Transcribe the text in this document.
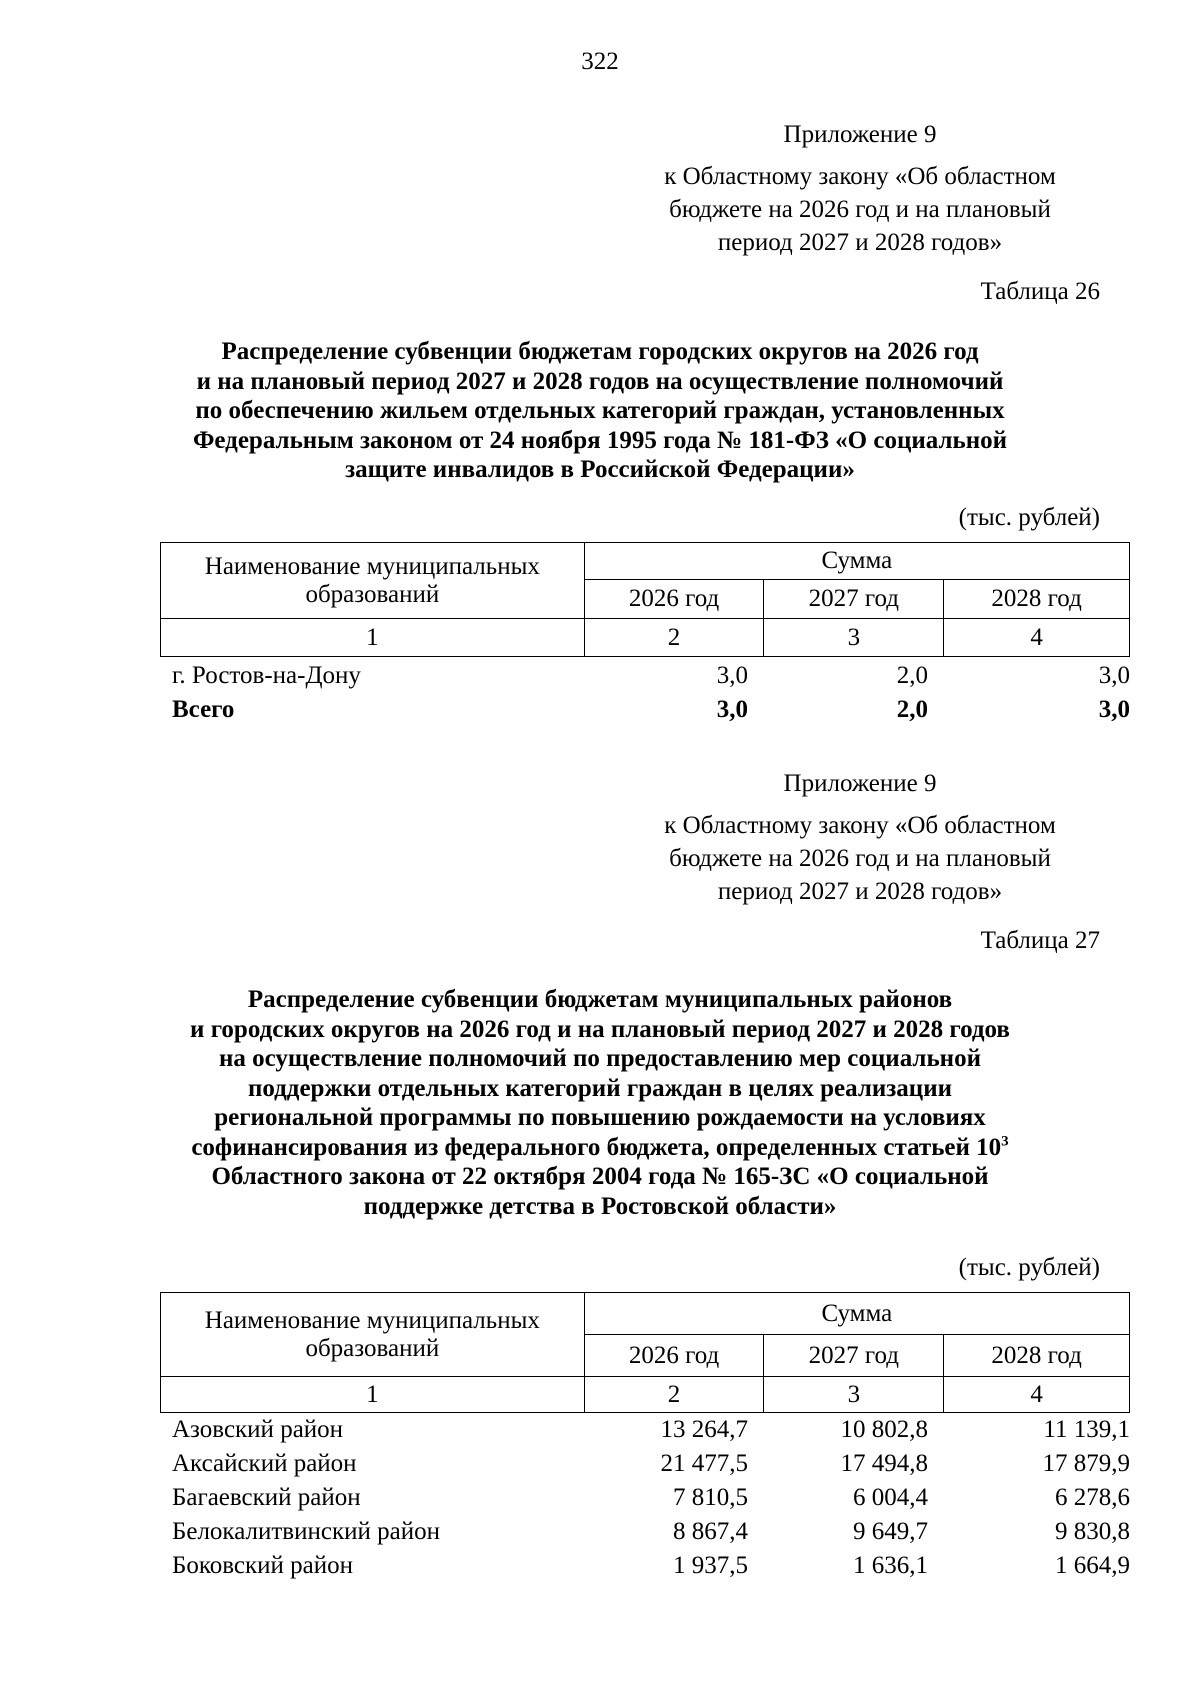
322
Приложение 9
к Областному закону «Об областном
бюджете на 2026 год и на плановый
период 2027 и 2028 годов»
Таблица 26
Распределение субвенции бюджетам городских округов на 2026 год
и на плановый период 2027 и 2028 годов на осуществление полномочий
по обеспечению жильем отдельных категорий граждан, установленных
Федеральным законом от 24 ноября 1995 года № 181-ФЗ «О социальной
защите инвалидов в Российской Федерации»
(тыс. рублей)
Наименование муниципальных образований	Сумма		
	2026 год	2027 год	2028 год
1	2	3	4
г. Ростов-на-Дону	3,0	2,0	3,0
Всего	3,0	2,0	3,0
Приложение 9
к Областному закону «Об областном
бюджете на 2026 год и на плановый
период 2027 и 2028 годов»
Таблица 27
Распределение субвенции бюджетам муниципальных районов
и городских округов на 2026 год и на плановый период 2027 и 2028 годов
на осуществление полномочий по предоставлению мер социальной
поддержки отдельных категорий граждан в целях реализации
региональной программы по повышению рождаемости на условиях
софинансирования из федерального бюджета, определенных статьей $10^3$
Областного закона от 22 октября 2004 года № 165-ЗС «О социальной
поддержке детства в Ростовской области»
(тыс. рублей)
Наименование муниципальных образований	Сумма		
	2026 год	2027 год	2028 год
1	2	3	4
Азовский район	13 264,7	10 802,8	11 139,1
Аксайский район	21 477,5	17 494,8	17 879,9
Багаевский район	7 810,5	6 004,4	6 278,6
Белокалитвинский район	8 867,4	9 649,7	9 830,8
Боковский район	1 937,5	1 636,1	1 664,9
